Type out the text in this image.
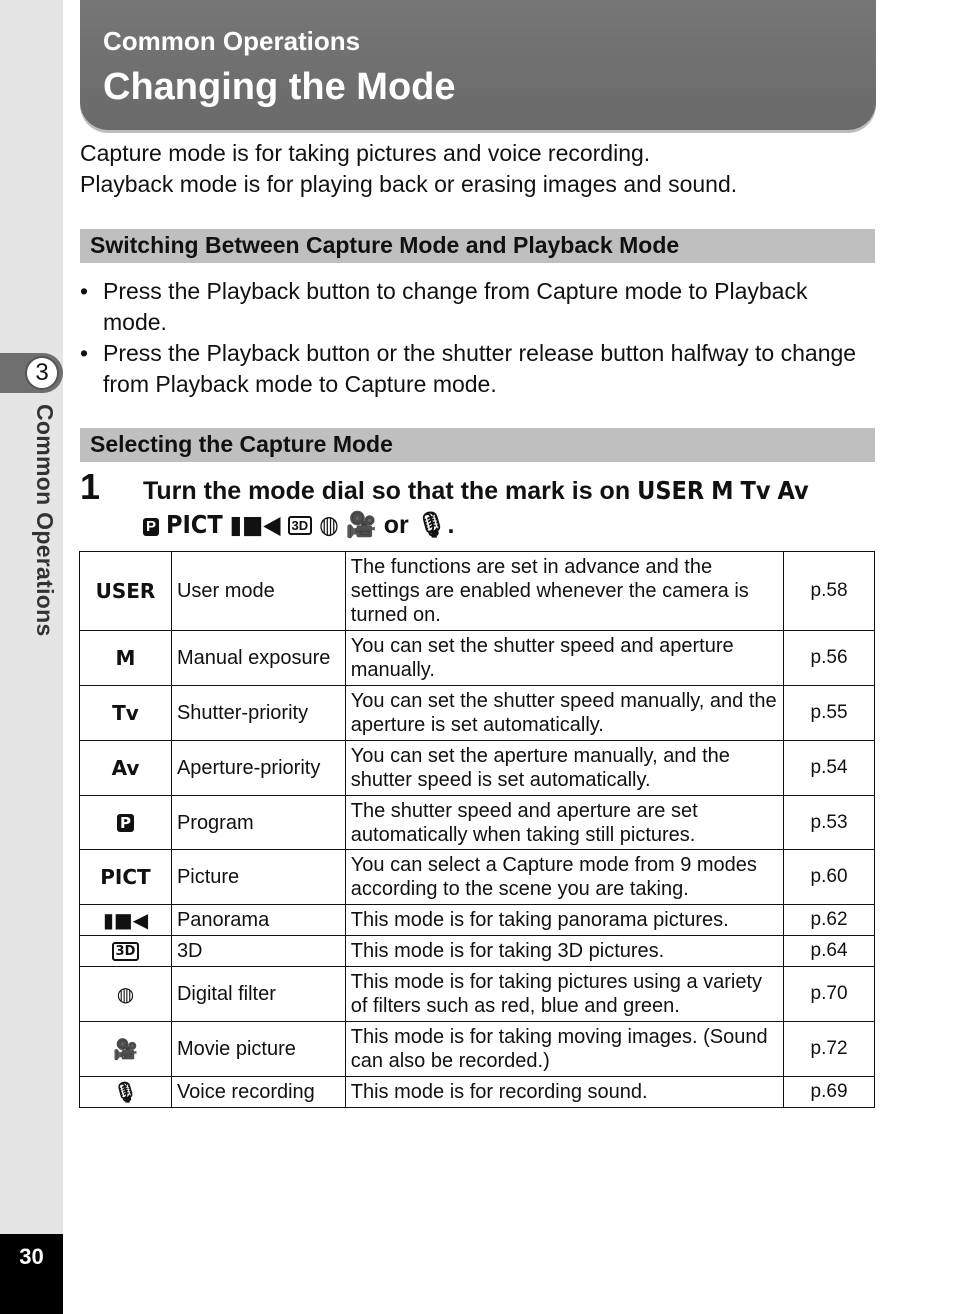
3
Common Operations
30
Common Operations
Changing the Mode

Capture mode is for taking pictures and voice recording.

Playback mode is for playing back or erasing images and sound.

Switching Between Capture Mode and Playback Mode
• Press the Playback button to change from Capture mode to Playback mode.
• Press the Playback button or the shutter release button halfway to change from Playback mode to Capture mode.
Selecting the Capture Mode
1 Turn the mode dial so that the mark is on USER M Tv Av
P PICT ▮■◀ 3D ◍ 🎥 or 🎙.
USER	User mode	The functions are set in advance and the settings are enabled whenever the camera is turned on.	p.58
M	Manual exposure	You can set the shutter speed and aperture manually.	p.56
Tv	Shutter-priority	You can set the shutter speed manually, and the aperture is set automatically.	p.55
Av	Aperture-priority	You can set the aperture manually, and the shutter speed is set automatically.	p.54
P	Program	The shutter speed and aperture are set automatically when taking still pictures.	p.53
PICT	Picture	You can select a Capture mode from 9 modes according to the scene you are taking.	p.60
▮■◀	Panorama	This mode is for taking panorama pictures.	p.62
3D	3D	This mode is for taking 3D pictures.	p.64
◍	Digital filter	This mode is for taking pictures using a variety of filters such as red, blue and green.	p.70
🎥	Movie picture	This mode is for taking moving images. (Sound can also be recorded.)	p.72
🎙	Voice recording	This mode is for recording sound.	p.69
